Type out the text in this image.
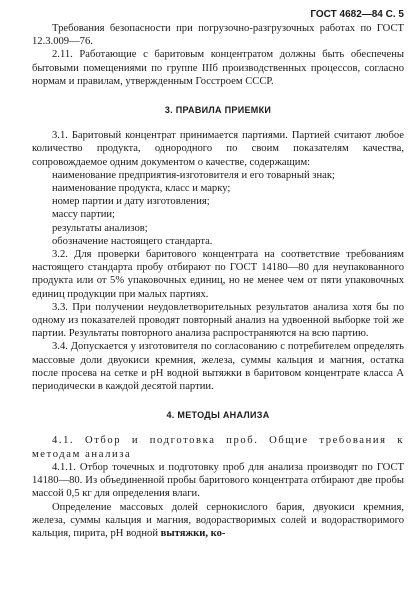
ГОСТ 4682—84 С. 5

Требования безопасности при погрузочно-разгрузочных работах по ГОСТ 12.3.009—76.

2.11. Работающие с баритовым концентратом должны быть обеспечены бытовыми помещениями по группе IIIб производственных процессов, согласно нормам и правилам, утвержденным Госстроем СССР.

3. ПРАВИЛА ПРИЕМКИ

3.1. Баритовый концентрат принимается партиями. Партией считают любое количество продукта, однородного по своим показателям качества, сопровождаемое одним документом о качестве, содержащим:

наименование предприятия-изготовителя и его товарный знак;
наименование продукта, класс и марку;
номер партии и дату изготовления;
массу партии;
результаты анализов;
обозначение настоящего стандарта.

3.2. Для проверки баритового концентрата на соответствие требованиям настоящего стандарта пробу отбирают по ГОСТ 14180—80 для неупакованного продукта или от 5% упаковочных единиц, но не менее чем от пяти упаковочных единиц продукции при малых партиях.

3.3. При получении неудовлетворительных результатов анализа хотя бы по одному из показателей проводят повторный анализ на удвоенной выборке той же партии. Результаты повторного анализа распространяются на всю партию.

3.4. Допускается у изготовителя по согласованию с потребителем определять массовые доли двуокиси кремния, железа, суммы кальция и магния, остатка после просева на сетке и pH водной вытяжки в баритовом концентрате класса А периодически в каждой десятой партии.

4. МЕТОДЫ АНАЛИЗА

4.1. Отбор и подготовка проб. Общие требования к методам анализа

4.1.1. Отбор точечных и подготовку проб для анализа производят по ГОСТ 14180—80. Из объединенной пробы баритового концентрата отбирают две пробы массой 0,5 кг для определения влаги.

Определение массовых долей сернокислого бария, двуокиси кремния, железа, суммы кальция и магния, водорастворимых солей и водорастворимого кальция, пирита, pH водной вытяжки, ко-
